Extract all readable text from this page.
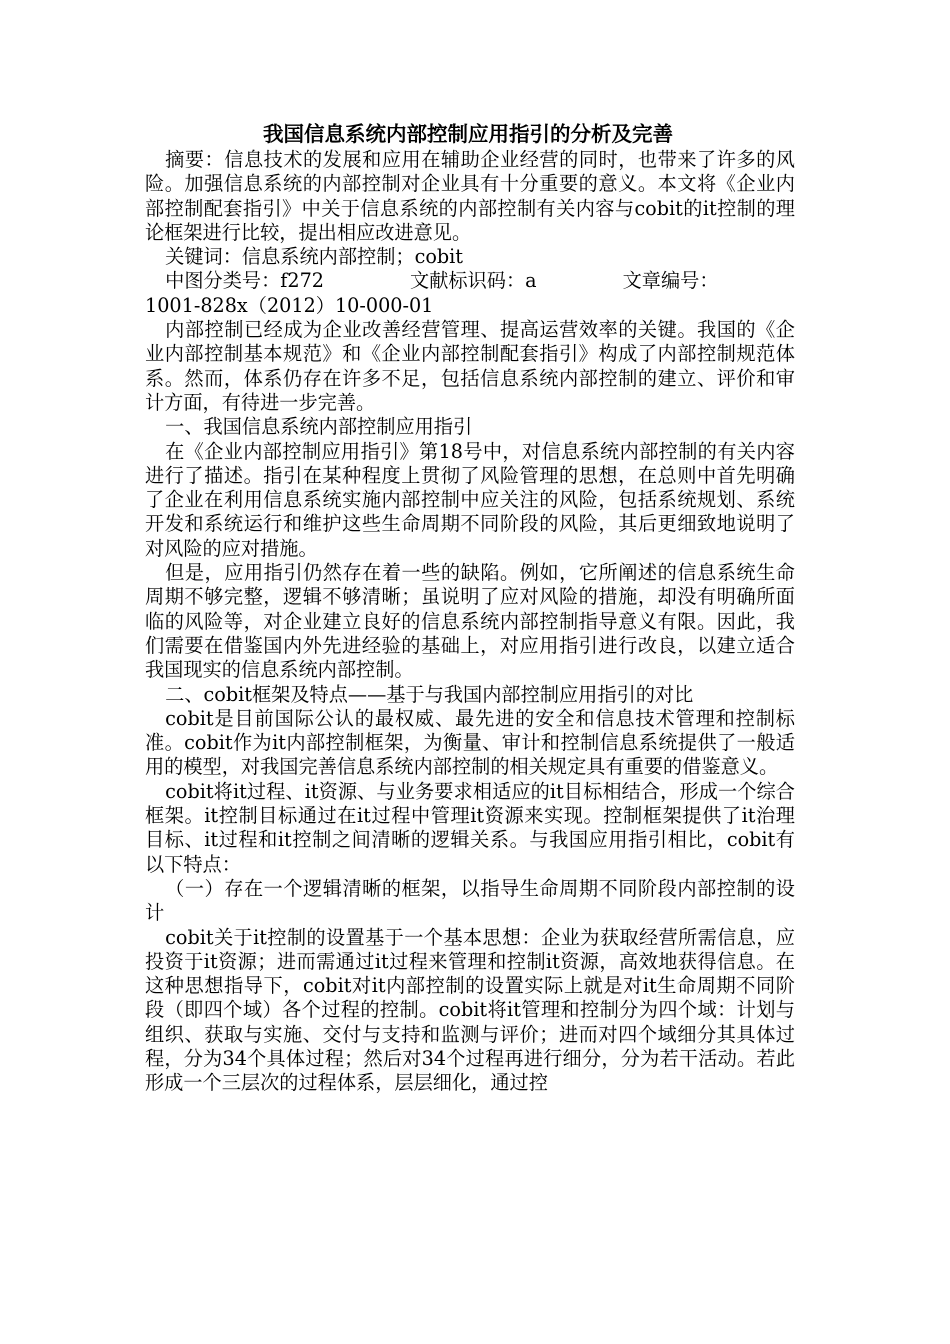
我国信息系统内部控制应用指引的分析及完善

摘要：信息技术的发展和应用在辅助企业经营的同时，也带来了许多的风险。加强信息系统的内部控制对企业具有十分重要的意义。本文将《企业内部控制配套指引》中关于信息系统的内部控制有关内容与cobit的it控制的理论框架进行比较，提出相应改进意见。

关键词：信息系统内部控制；cobit

中图分类号：f272	文献标识码：a	文章编号：

1001-828x（2012）10-000-01

内部控制已经成为企业改善经营管理、提高运营效率的关键。我国的《企业内部控制基本规范》和《企业内部控制配套指引》构成了内部控制规范体系。然而，体系仍存在许多不足，包括信息系统内部控制的建立、评价和审计方面，有待进一步完善。

一、我国信息系统内部控制应用指引

在《企业内部控制应用指引》第18号中，对信息系统内部控制的有关内容进行了描述。指引在某种程度上贯彻了风险管理的思想，在总则中首先明确了企业在利用信息系统实施内部控制中应关注的风险，包括系统规划、系统开发和系统运行和维护这些生命周期不同阶段的风险，其后更细致地说明了对风险的应对措施。

但是，应用指引仍然存在着一些的缺陷。例如，它所阐述的信息系统生命周期不够完整，逻辑不够清晰；虽说明了应对风险的措施，却没有明确所面临的风险等，对企业建立良好的信息系统内部控制指导意义有限。因此，我们需要在借鉴国内外先进经验的基础上，对应用指引进行改良，以建立适合我国现实的信息系统内部控制。

二、cobit框架及特点——基于与我国内部控制应用指引的对比

cobit是目前国际公认的最权威、最先进的安全和信息技术管理和控制标准。cobit作为it内部控制框架，为衡量、审计和控制信息系统提供了一般适用的模型，对我国完善信息系统内部控制的相关规定具有重要的借鉴意义。

cobit将it过程、it资源、与业务要求相适应的it目标相结合，形成一个综合框架。it控制目标通过在it过程中管理it资源来实现。控制框架提供了it治理目标、it过程和it控制之间清晰的逻辑关系。与我国应用指引相比，cobit有以下特点：

（一）存在一个逻辑清晰的框架，以指导生命周期不同阶段内部控制的设计

cobit关于it控制的设置基于一个基本思想：企业为获取经营所需信息，应投资于it资源；进而需通过it过程来管理和控制it资源，高效地获得信息。在这种思想指导下，cobit对it内部控制的设置实际上就是对it生命周期不同阶段（即四个域）各个过程的控制。cobit将it管理和控制分为四个域：计划与组织、获取与实施、交付与支持和监测与评价；进而对四个域细分其具体过程，分为34个具体过程；然后对34个过程再进行细分，分为若干活动。若此形成一个三层次的过程体系，层层细化，通过控
